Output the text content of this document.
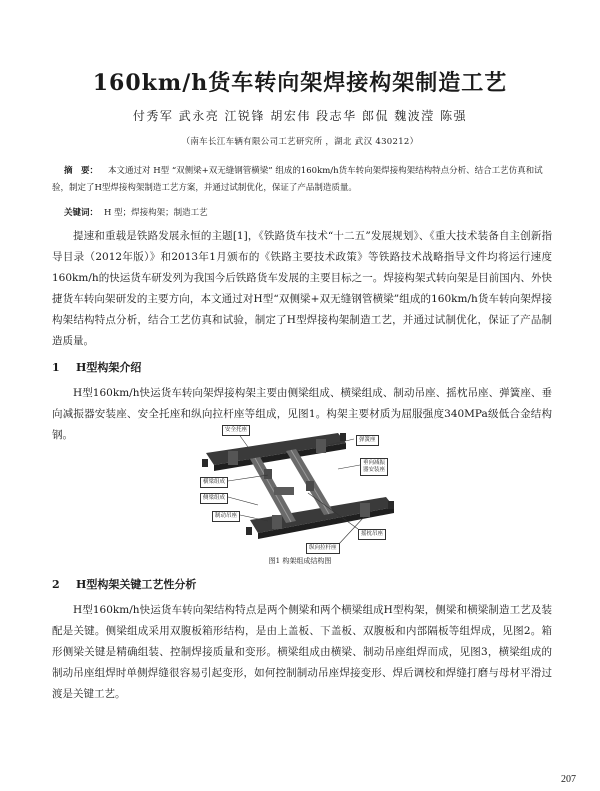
160km/h货车转向架焊接构架制造工艺
付秀军 武永亮 江锐锋 胡宏伟 段志华 郎侃 魏波滢 陈强
（南车长江车辆有限公司工艺研究所 ，湖北 武汉 430212）
摘　要： 本文通过对 H型 “双侧梁+双无缝钢管横梁” 组成的160km/h货车转向架焊接构架结构特点分析、结合工艺仿真和试验，制定了H型焊接构架制造工艺方案，并通过试制优化，保证了产品制造质量。
关键词： H 型；焊接构架；制造工艺

提速和重载是铁路发展永恒的主题[1]，《铁路货车技术“十二五”发展规划》、《重大技术装备自主创新指导目录（2012年版）》和2013年1月颁布的《铁路主要技术政策》等铁路技术战略指导文件均将运行速度160km/h的快运货车研发列为我国今后铁路货车发展的主要目标之一。焊接构架式转向架是目前国内、外快捷货车转向架研发的主要方向，本文通过对H型“双侧梁+双无缝钢管横梁”组成的160km/h货车转向架焊接构架结构特点分析，结合工艺仿真和试验，制定了H型焊接构架制造工艺，并通过试制优化，保证了产品制造质量。

1 H型构架介绍

H型160km/h快运货车转向架焊接构架主要由侧梁组成、横梁组成、制动吊座、摇枕吊座、弹簧座、垂向减振器安装座、安全托座和纵向拉杆座等组成，见图1。构架主要材质为屈服强度340MPa级低合金结构钢。	安全托座
弹簧座
垂向减振器安装座
横梁组成
侧梁组成
制动吊座
摇枕吊座
纵向拉杆座
图1 构架组成结构图
2 H型构架关键工艺性分析

H型160km/h快运货车转向架结构特点是两个侧梁和两个横梁组成H型构架，侧梁和横梁制造工艺及装配是关键。侧梁组成采用双腹板箱形结构，是由上盖板、下盖板、双腹板和内部隔板等组焊成，见图2。箱形侧梁关键是精确组装、控制焊接质量和变形。横梁组成由横梁、制动吊座组焊而成，见图3，横梁组成的制动吊座组焊时单侧焊缝很容易引起变形，如何控制制动吊座焊接变形、焊后调校和焊缝打磨与母材平滑过渡是关键工艺。

207
